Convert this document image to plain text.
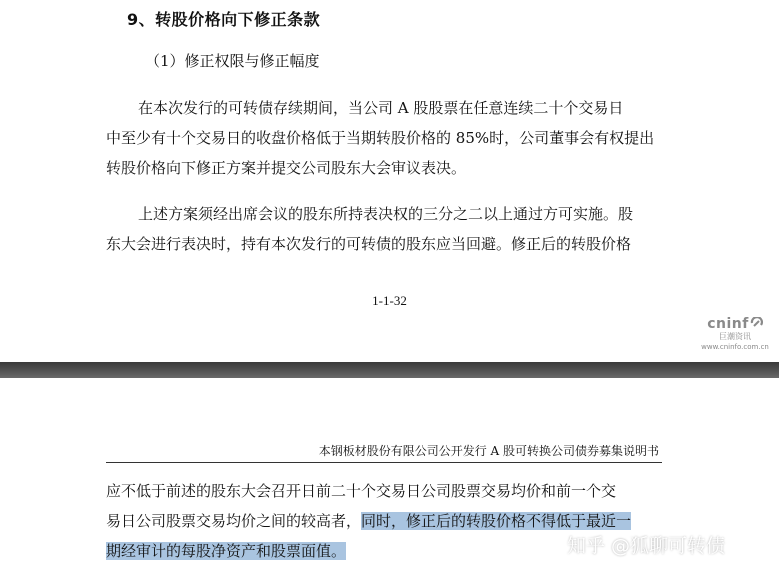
9、转股价格向下修正条款
（1）修正权限与修正幅度
在本次发行的可转债存续期间，当公司 A 股股票在任意连续二十个交易日
中至少有十个交易日的收盘价格低于当期转股价格的 85%时，公司董事会有权提出
转股价格向下修正方案并提交公司股东大会审议表决。
上述方案须经出席会议的股东所持表决权的三分之二以上通过方可实施。股
东大会进行表决时，持有本次发行的可转债的股东应当回避。修正后的转股价格
1-1-32
cninf
巨潮资讯
www.cninfo.com.cn
本钢板材股份有限公司公开发行 A 股可转换公司债券募集说明书
应不低于前述的股东大会召开日前二十个交易日公司股票交易均价和前一个交
易日公司股票交易均价之间的较高者，同时，修正后的转股价格不得低于最近一
期经审计的每股净资产和股票面值。	知乎 @狐聊可转债
